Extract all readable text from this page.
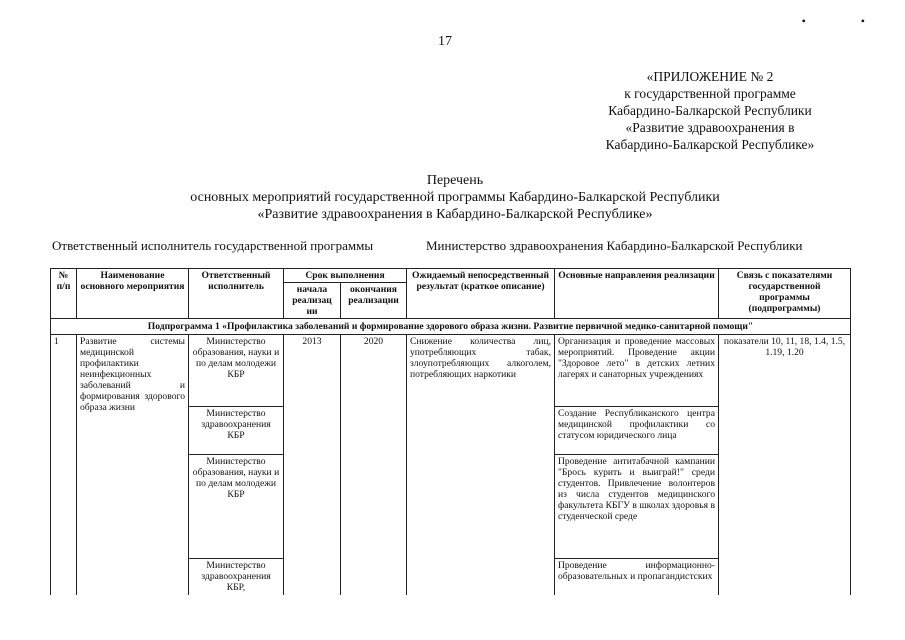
17
• •
«ПРИЛОЖЕНИЕ № 2
к государственной программе
Кабардино-Балкарской Республики
«Развитие здравоохранения в
Кабардино-Балкарской Республике»
Перечень
основных мероприятий государственной программы Кабардино-Балкарской Республики
«Развитие здравоохранения в Кабардино-Балкарской Республике»
Ответственный исполнитель государственной программы	Министерство здравоохранения Кабардино-Балкарской Республики
№ п/п	Наименование основного мероприятия	Ответственный исполнитель	Срок выполнения		Ожидаемый непосредственный результат (краткое описание)	Основные направления реализации	Связь с показателями государственной программы (подпрограммы)
			начала реализац ии	окончания реализации			
Подпрограмма 1 «Профилактика заболеваний и формирование здорового образа жизни. Развитие первичной медико-санитарной помощи"							
1	Развитие системы медицинской профилактики неинфекционных заболеваний и формирования здорового образа жизни	Министерство образования, науки и по делам молодежи КБР	2013	2020	Снижение количества лиц, употребляющих табак, злоупотребляющих алкоголем, потребляющих наркотики	Организация и проведение массовых мероприятий. Проведение акции "Здоровое лето" в детских летних лагерях и санаторных учреждениях	показатели 10, 11, 18, 1.4, 1.5, 1.19, 1.20
		Министерство здравоохранения КБР				Создание Республиканского центра медицинской профилактики со статусом юридического лица	
		Министерство образования, науки и по делам молодежи КБР				Проведение антитабачной кампании "Брось курить и выиграй!" среди студентов. Привлечение волонтеров из числа студентов медицинского факультета КБГУ в школах здоровья в студенческой среде	
		Министерство здравоохранения КБР,				Проведение информационно-образовательных и пропагандистских	
